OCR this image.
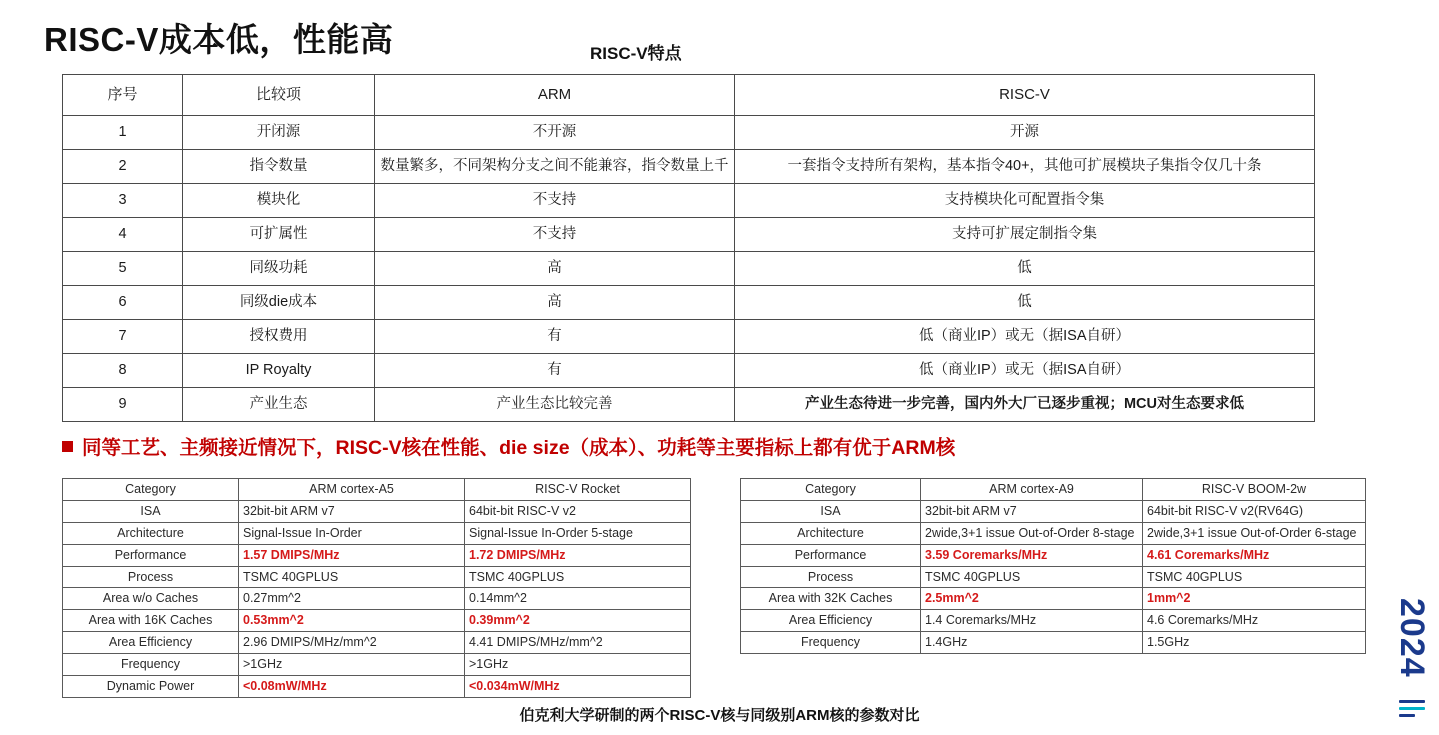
RISC-V成本低，性能高	RISC-V特点
序号	比较项	ARM	RISC-V
1	开闭源	不开源	开源
2	指令数量	数量繁多，不同架构分支之间不能兼容，指令数量上千	一套指令支持所有架构，基本指令40+，其他可扩展模块子集指令仅几十条
3	模块化	不支持	支持模块化可配置指令集
4	可扩属性	不支持	支持可扩展定制指令集
5	同级功耗	高	低
6	同级die成本	高	低
7	授权费用	有	低（商业IP）或无（据ISA自研）
8	IP Royalty	有	低（商业IP）或无（据ISA自研）
9	产业生态	产业生态比较完善	产业生态待进一步完善，国内外大厂已逐步重视；MCU对生态要求低
同等工艺、主频接近情况下，RISC-V核在性能、die size（成本）、功耗等主要指标上都有优于ARM核
Category	ARM cortex-A5	RISC-V Rocket
ISA	32bit-bit ARM v7	64bit-bit RISC-V v2
Architecture	Signal-Issue In-Order	Signal-Issue In-Order 5-stage
Performance	1.57 DMIPS/MHz	1.72 DMIPS/MHz
Process	TSMC 40GPLUS	TSMC 40GPLUS
Area w/o Caches	0.27mm^2	0.14mm^2
Area with 16K Caches	0.53mm^2	0.39mm^2
Area Efficiency	2.96 DMIPS/MHz/mm^2	4.41 DMIPS/MHz/mm^2
Frequency	>1GHz	>1GHz
Dynamic Power	<0.08mW/MHz	<0.034mW/MHz
Category	ARM cortex-A9	RISC-V BOOM-2w
ISA	32bit-bit ARM v7	64bit-bit RISC-V v2(RV64G)
Architecture	2wide,3+1 issue Out-of-Order 8-stage	2wide,3+1 issue Out-of-Order 6-stage
Performance	3.59 Coremarks/MHz	4.61 Coremarks/MHz
Process	TSMC 40GPLUS	TSMC 40GPLUS
Area with 32K Caches	2.5mm^2	1mm^2
Area Efficiency	1.4 Coremarks/MHz	4.6 Coremarks/MHz
Frequency	1.4GHz	1.5GHz
伯克利大学研制的两个RISC-V核与同级别ARM核的参数对比
2024
